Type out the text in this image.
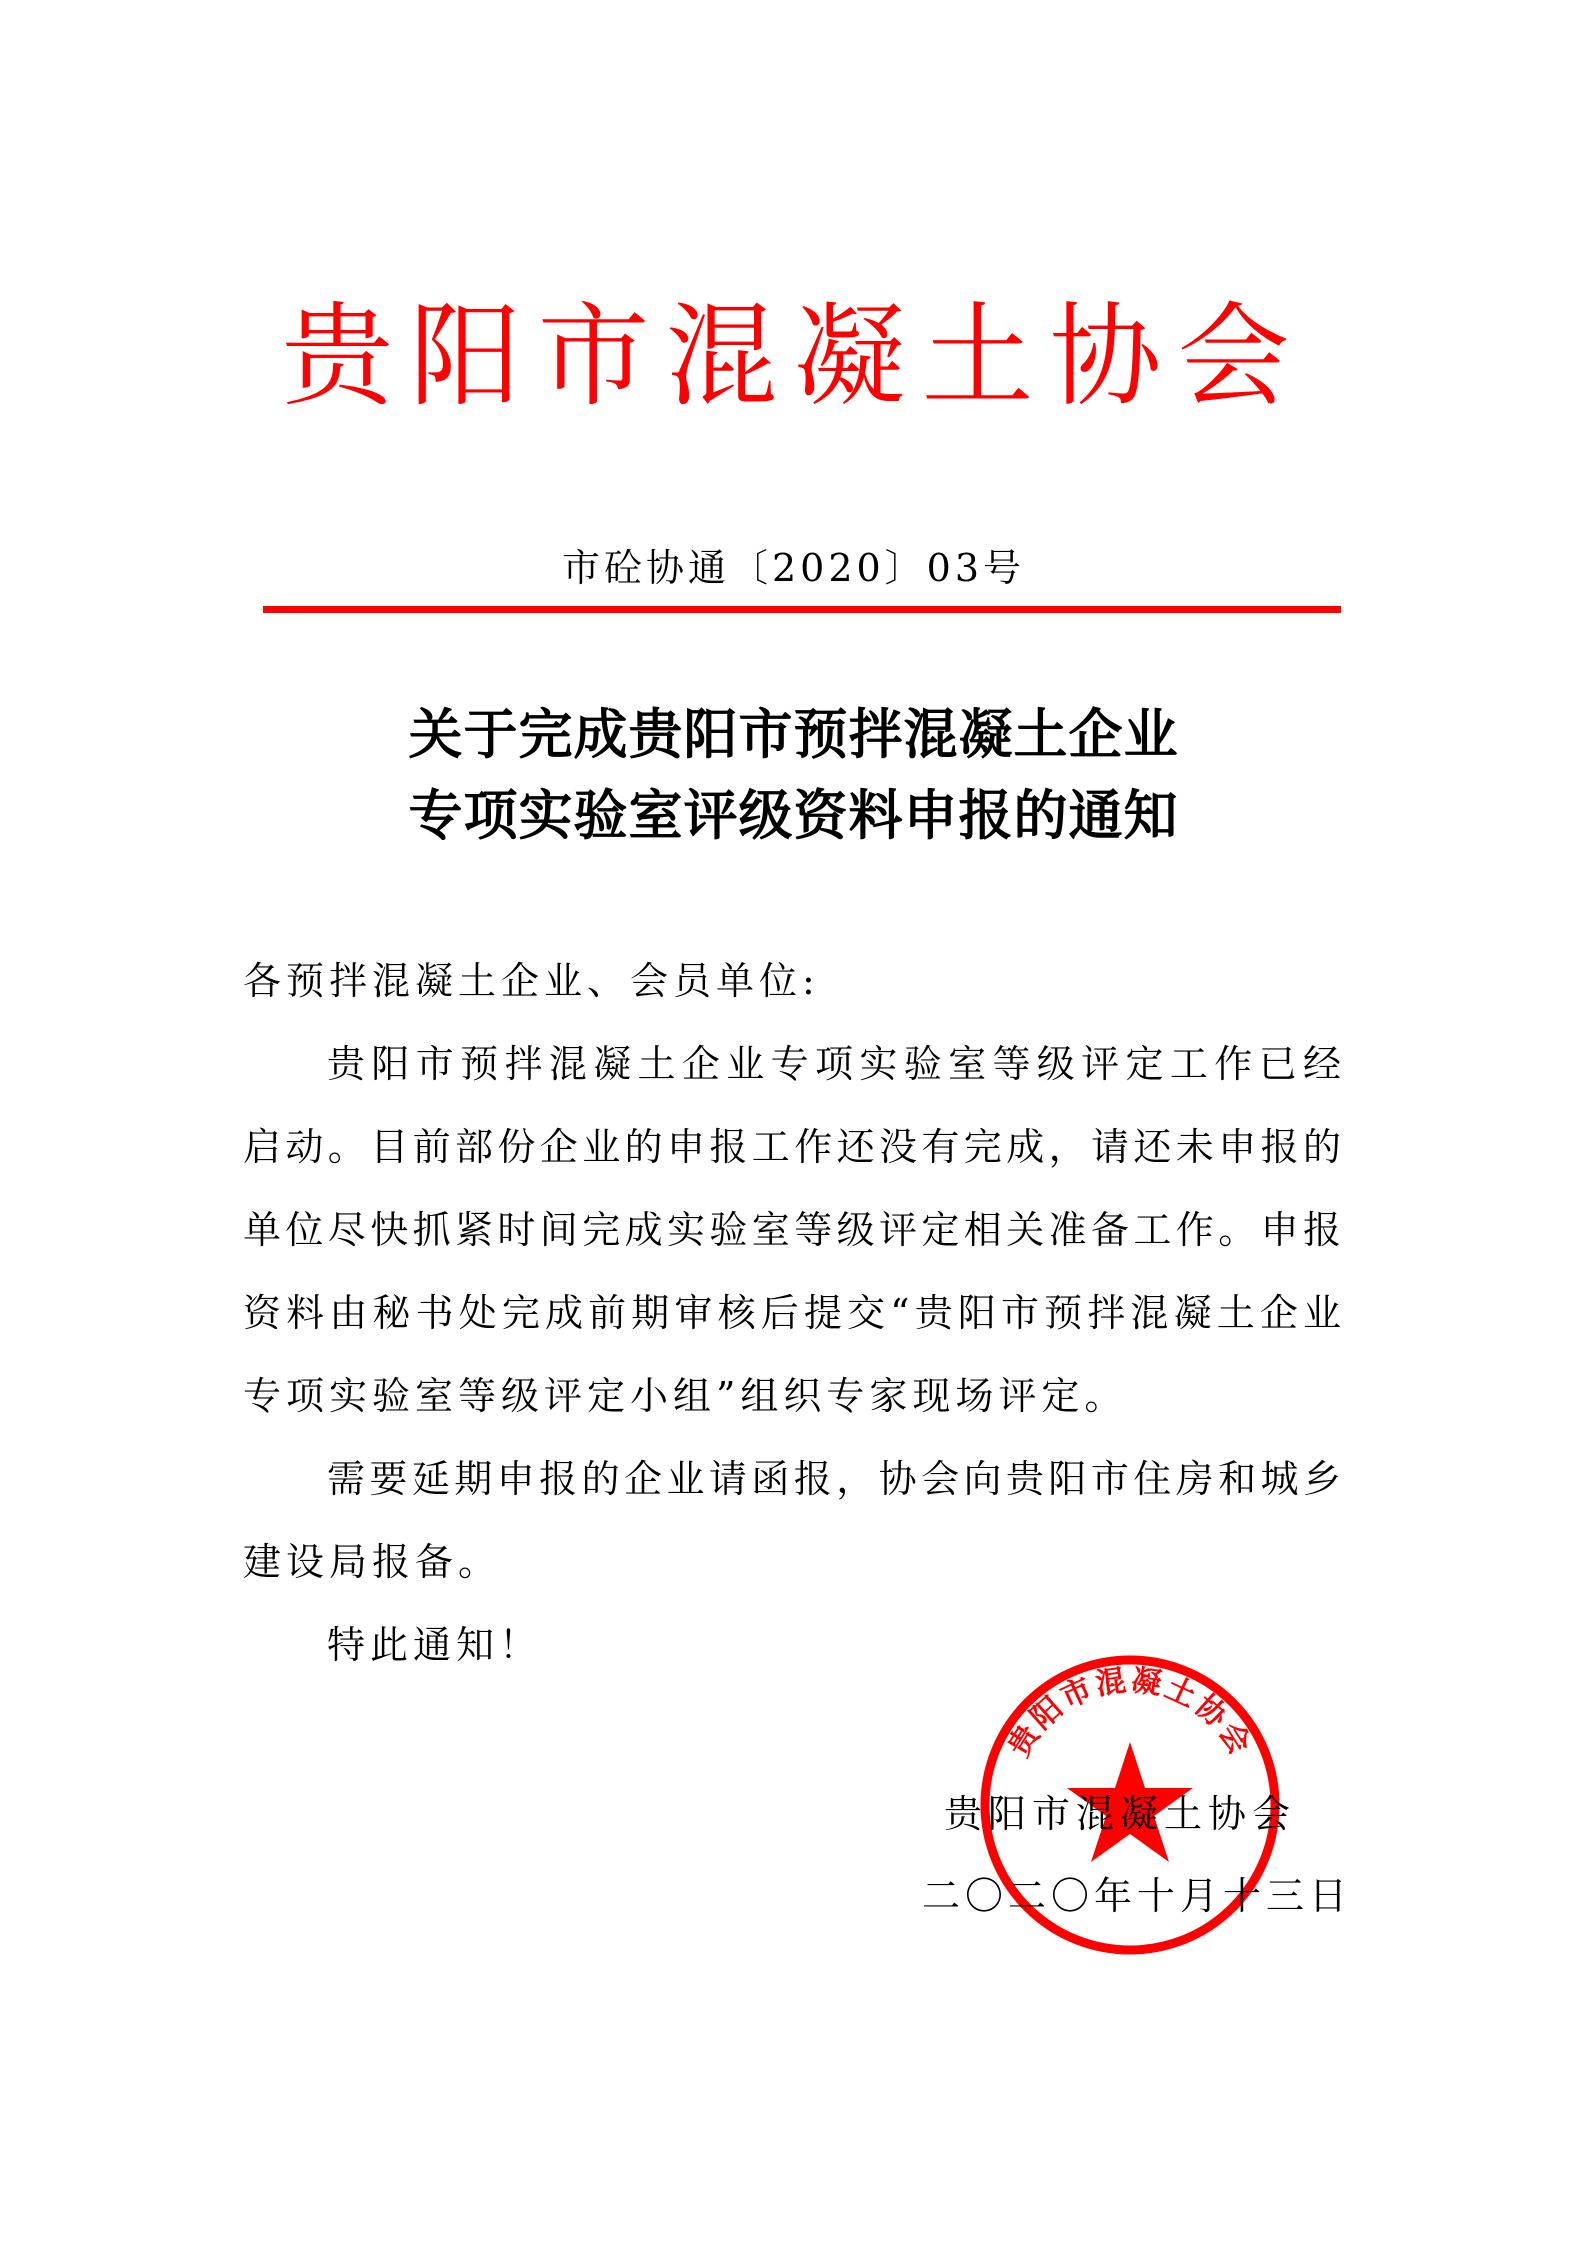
贵阳市混凝土协会
市砼协通〔2020〕03号
关于完成贵阳市预拌混凝土企业
专项实验室评级资料申报的通知
各预拌混凝土企业、会员单位:
贵阳市预拌混凝土企业专项实验室等级评定工作已经
启动。目前部份企业的申报工作还没有完成，请还未申报的
单位尽快抓紧时间完成实验室等级评定相关准备工作。申报
资料由秘书处完成前期审核后提交“贵阳市预拌混凝土企业
专项实验室等级评定小组”组织专家现场评定。
需要延期申报的企业请函报，协会向贵阳市住房和城乡
建设局报备。
特此通知！
贵阳市混凝土协会
贵阳市混凝土协会
二〇二〇年十月十三日
